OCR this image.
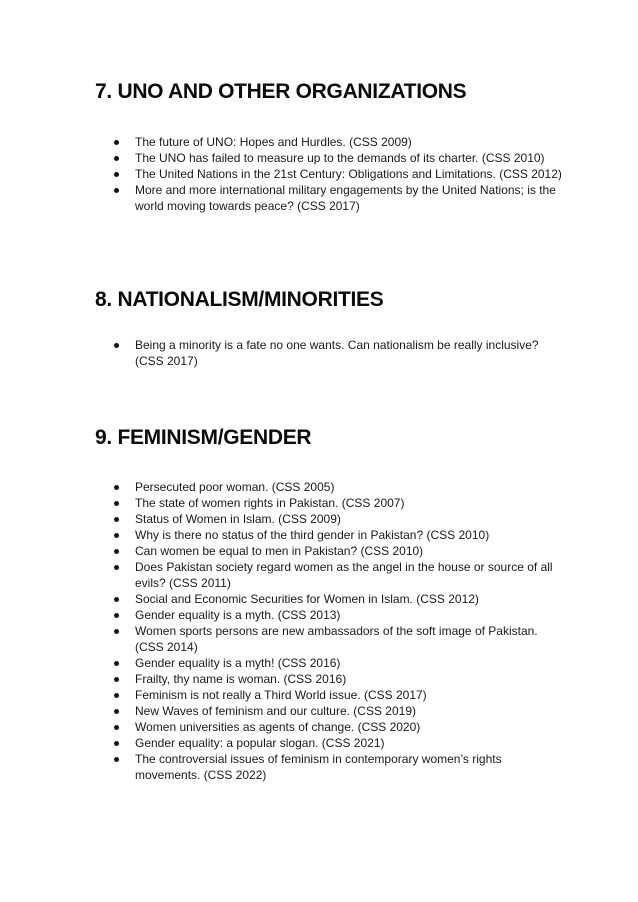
7. UNO AND OTHER ORGANIZATIONS
The future of UNO: Hopes and Hurdles. (CSS 2009)
The UNO has failed to measure up to the demands of its charter. (CSS 2010)
The United Nations in the 21st Century: Obligations and Limitations. (CSS 2012)
More and more international military engagements by the United Nations; is the world moving towards peace? (CSS 2017)
8. NATIONALISM/MINORITIES
Being a minority is a fate no one wants. Can nationalism be really inclusive? (CSS 2017)
9. FEMINISM/GENDER
Persecuted poor woman. (CSS 2005)
The state of women rights in Pakistan. (CSS 2007)
Status of Women in Islam. (CSS 2009)
Why is there no status of the third gender in Pakistan? (CSS 2010)
Can women be equal to men in Pakistan? (CSS 2010)
Does Pakistan society regard women as the angel in the house or source of all evils? (CSS 2011)
Social and Economic Securities for Women in Islam. (CSS 2012)
Gender equality is a myth. (CSS 2013)
Women sports persons are new ambassadors of the soft image of Pakistan. (CSS 2014)
Gender equality is a myth! (CSS 2016)
Frailty, thy name is woman. (CSS 2016)
Feminism is not really a Third World issue. (CSS 2017)
New Waves of feminism and our culture. (CSS 2019)
Women universities as agents of change. (CSS 2020)
Gender equality: a popular slogan. (CSS 2021)
The controversial issues of feminism in contemporary women’s rights movements. (CSS 2022)
